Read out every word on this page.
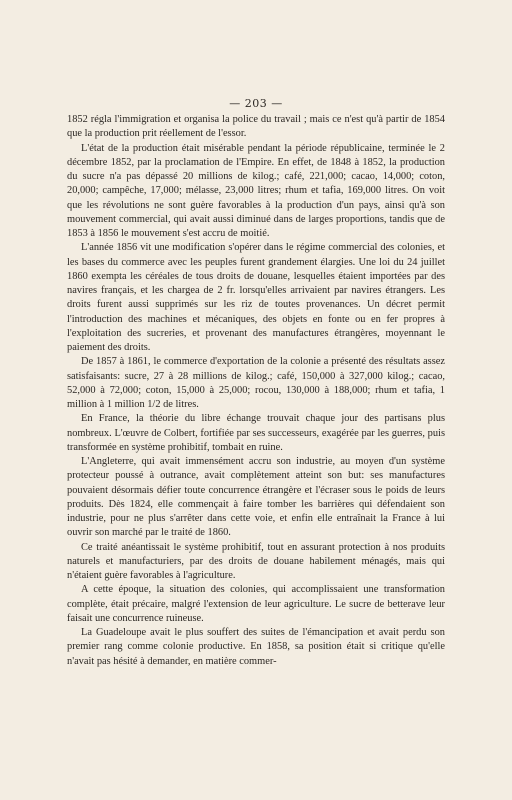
— 203 —

1852 régla l'immigration et organisa la police du travail ; mais ce n'est qu'à partir de 1854 que la production prit réellement de l'essor.

L'état de la production était misérable pendant la période républicaine, terminée le 2 décembre 1852, par la proclamation de l'Empire. En effet, de 1848 à 1852, la production du sucre n'a pas dépassé 20 millions de kilog.; café, 221,000; cacao, 14,000; coton, 20,000; campêche, 17,000; mélasse, 23,000 litres; rhum et tafia, 169,000 litres. On voit que les révolutions ne sont guère favorables à la production d'un pays, ainsi qu'à son mouvement commercial, qui avait aussi diminué dans de larges proportions, tandis que de 1853 à 1856 le mouvement s'est accru de moitié.

L'année 1856 vit une modification s'opérer dans le régime commercial des colonies, et les bases du commerce avec les peuples furent grandement élargies. Une loi du 24 juillet 1860 exempta les céréales de tous droits de douane, lesquelles étaient importées par des navires français, et les chargea de 2 fr. lorsqu'elles arrivaient par navires étrangers. Les droits furent aussi supprimés sur les riz de toutes provenances. Un décret permit l'introduction des machines et mécaniques, des objets en fonte ou en fer propres à l'exploitation des sucreries, et provenant des manufactures étrangères, moyennant le paiement des droits.

De 1857 à 1861, le commerce d'exportation de la colonie a présenté des résultats assez satisfaisants: sucre, 27 à 28 millions de kilog.; café, 150,000 à 327,000 kilog.; cacao, 52,000 à 72,000; coton, 15,000 à 25,000; rocou, 130,000 à 188,000; rhum et tafia, 1 million à 1 million 1/2 de litres.

En France, la théorie du libre échange trouvait chaque jour des partisans plus nombreux. L'œuvre de Colbert, fortifiée par ses successeurs, exagérée par les guerres, puis transformée en système prohibitif, tombait en ruine.

L'Angleterre, qui avait immensément accru son industrie, au moyen d'un système protecteur poussé à outrance, avait complètement atteint son but: ses manufactures pouvaient désormais défier toute concurrence étrangère et l'écraser sous le poids de leurs produits. Dès 1824, elle commençait à faire tomber les barrières qui défendaient son industrie, pour ne plus s'arrêter dans cette voie, et enfin elle entraînait la France à lui ouvrir son marché par le traité de 1860.

Ce traité anéantissait le système prohibitif, tout en assurant protection à nos produits naturels et manufacturiers, par des droits de douane habilement ménagés, mais qui n'étaient guère favorables à l'agriculture.

A cette époque, la situation des colonies, qui accomplissaient une transformation complète, était précaire, malgré l'extension de leur agriculture. Le sucre de betterave leur faisait une concurrence ruineuse.

La Guadeloupe avait le plus souffert des suites de l'émancipation et avait perdu son premier rang comme colonie productive. En 1858, sa position était si critique qu'elle n'avait pas hésité à demander, en matière commer-
